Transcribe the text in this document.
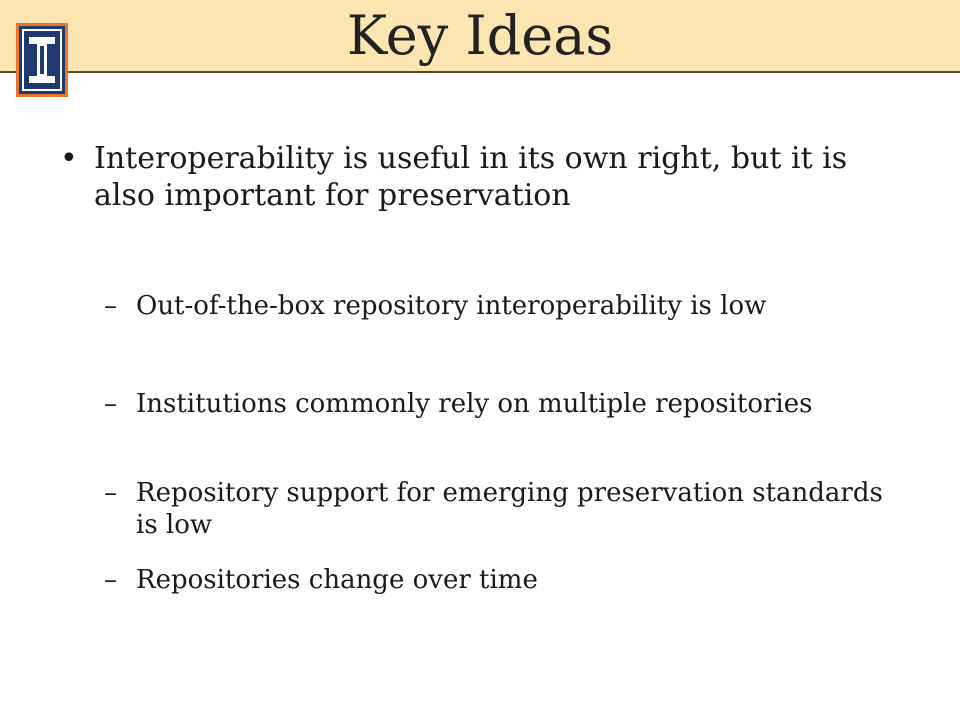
Key Ideas
• Interoperability is useful in its own right, but it is also important for preservation
– Out-of-the-box repository interoperability is low
– Institutions commonly rely on multiple repositories
– Repository support for emerging preservation standards is low
– Repositories change over time
